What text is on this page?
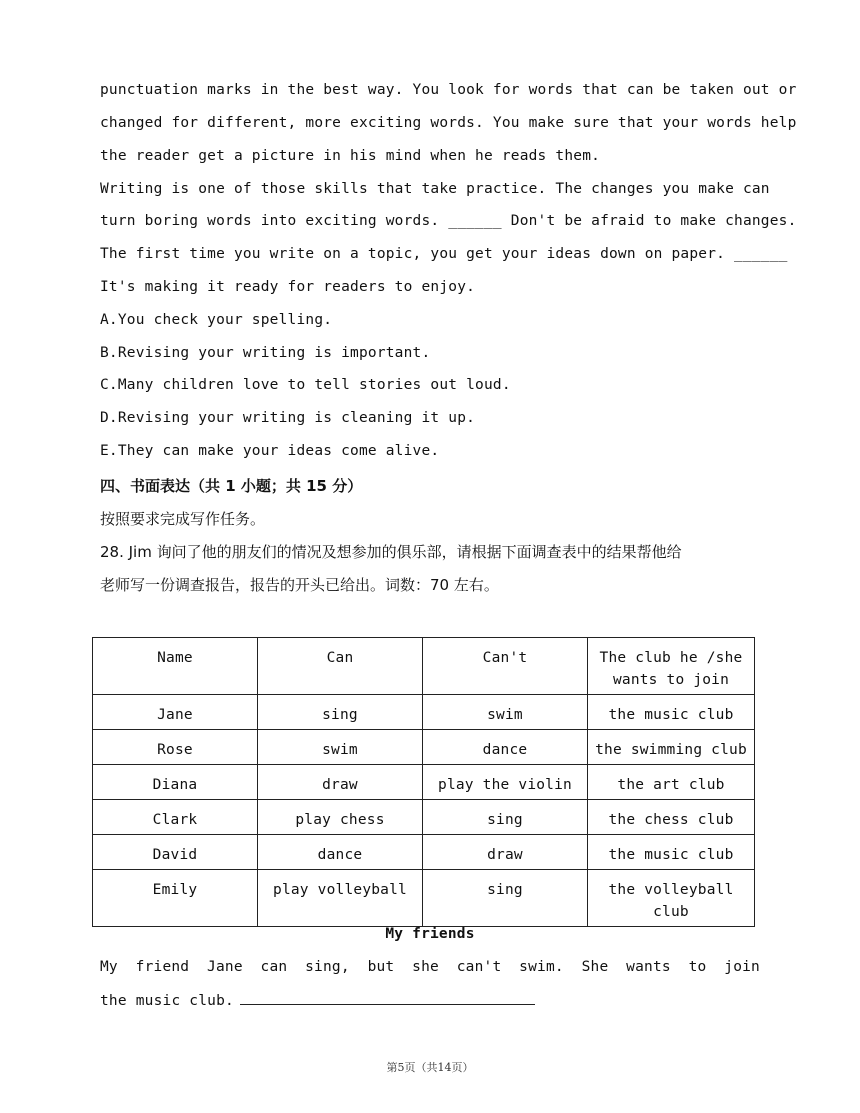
punctuation marks in the best way. You look for words that can be taken out or
changed for different, more exciting words. You make sure that your words help
the reader get a picture in his mind when he reads them.
Writing is one of those skills that take practice. The changes you make can
turn boring words into exciting words. ______ Don't be afraid to make changes.
The first time you write on a topic, you get your ideas down on paper. ______
It's making it ready for readers to enjoy.
A.You check your spelling.
B.Revising your writing is important.
C.Many children love to tell stories out loud.
D.Revising your writing is cleaning it up.
E.They can make your ideas come alive.
四、书面表达（共 1 小题；共 15 分）
按照要求完成写作任务。
28. Jim 询问了他的朋友们的情况及想参加的俱乐部，请根据下面调查表中的结果帮他给
老师写一份调查报告，报告的开头已给出。词数：70 左右。
Name	Can	Can't	The club he /she wants to join
Jane	sing	swim	the music club
Rose	swim	dance	the swimming club
Diana	draw	play the violin	the art club
Clark	play chess	sing	the chess club
David	dance	draw	the music club
Emily	play volleyball	sing	the volleyball club
My friends
My friend Jane can sing, but she can't swim. She wants to join
the music club.
第5页（共14页）
